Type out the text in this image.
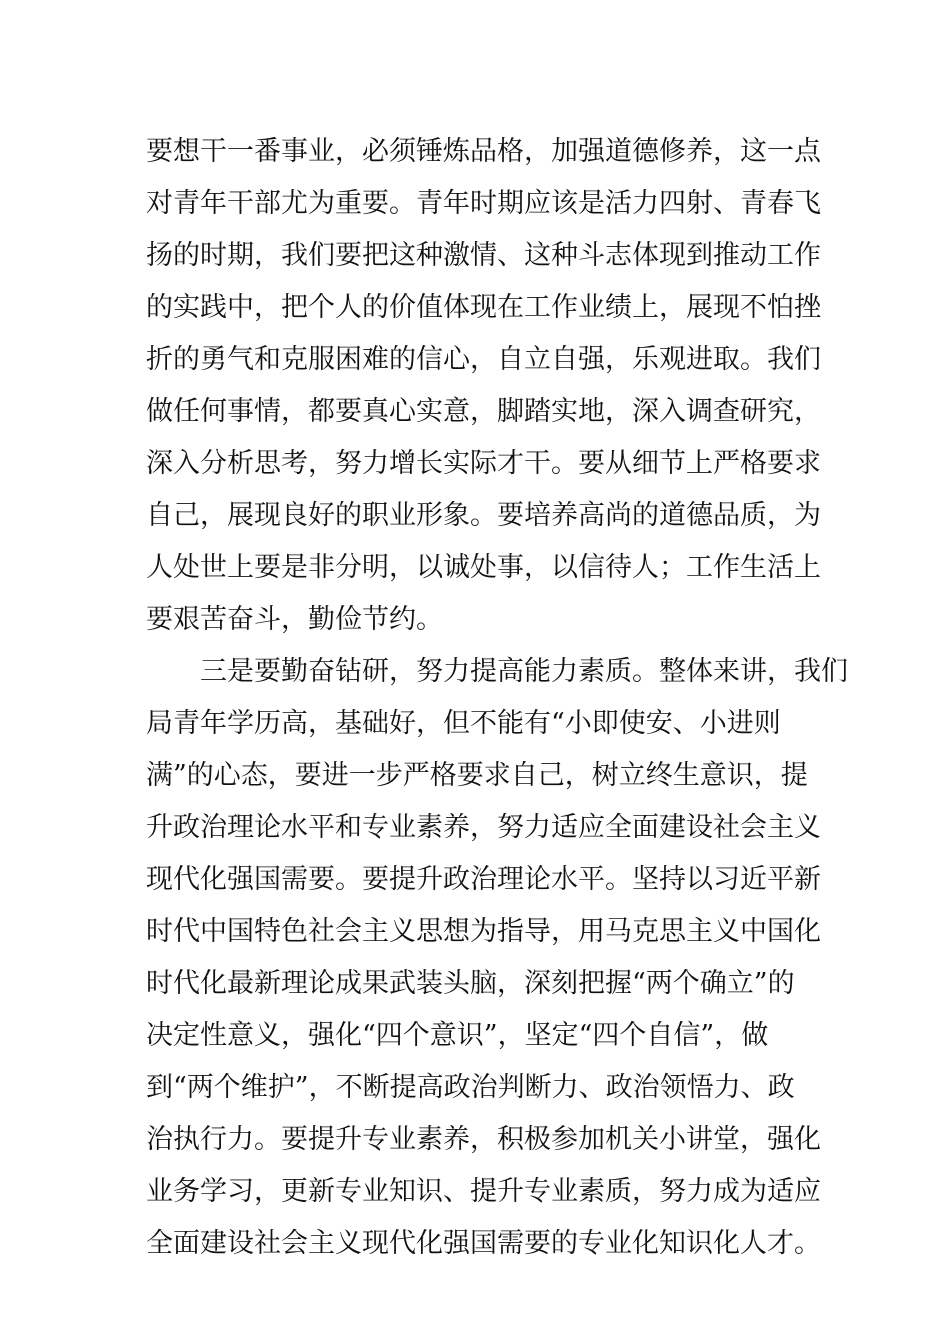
要想干一番事业，必须锤炼品格，加强道德修养，这一点
对青年干部尤为重要。青年时期应该是活力四射、青春飞
扬的时期，我们要把这种激情、这种斗志体现到推动工作
的实践中，把个人的价值体现在工作业绩上，展现不怕挫
折的勇气和克服困难的信心，自立自强，乐观进取。我们
做任何事情，都要真心实意，脚踏实地，深入调查研究，
深入分析思考，努力增长实际才干。要从细节上严格要求
自己，展现良好的职业形象。要培养高尚的道德品质，为
人处世上要是非分明，以诚处事，以信待人；工作生活上
要艰苦奋斗，勤俭节约。
　　三是要勤奋钻研，努力提高能力素质。整体来讲，我们
局青年学历高，基础好，但不能有“小即使安、小进则
满”的心态，要进一步严格要求自己，树立终生意识，提
升政治理论水平和专业素养，努力适应全面建设社会主义
现代化强国需要。要提升政治理论水平。坚持以习近平新
时代中国特色社会主义思想为指导，用马克思主义中国化
时代化最新理论成果武装头脑，深刻把握“两个确立”的
决定性意义，强化“四个意识”，坚定“四个自信”，做
到“两个维护”，不断提高政治判断力、政治领悟力、政
治执行力。要提升专业素养，积极参加机关小讲堂，强化
业务学习，更新专业知识、提升专业素质，努力成为适应
全面建设社会主义现代化强国需要的专业化知识化人才。
